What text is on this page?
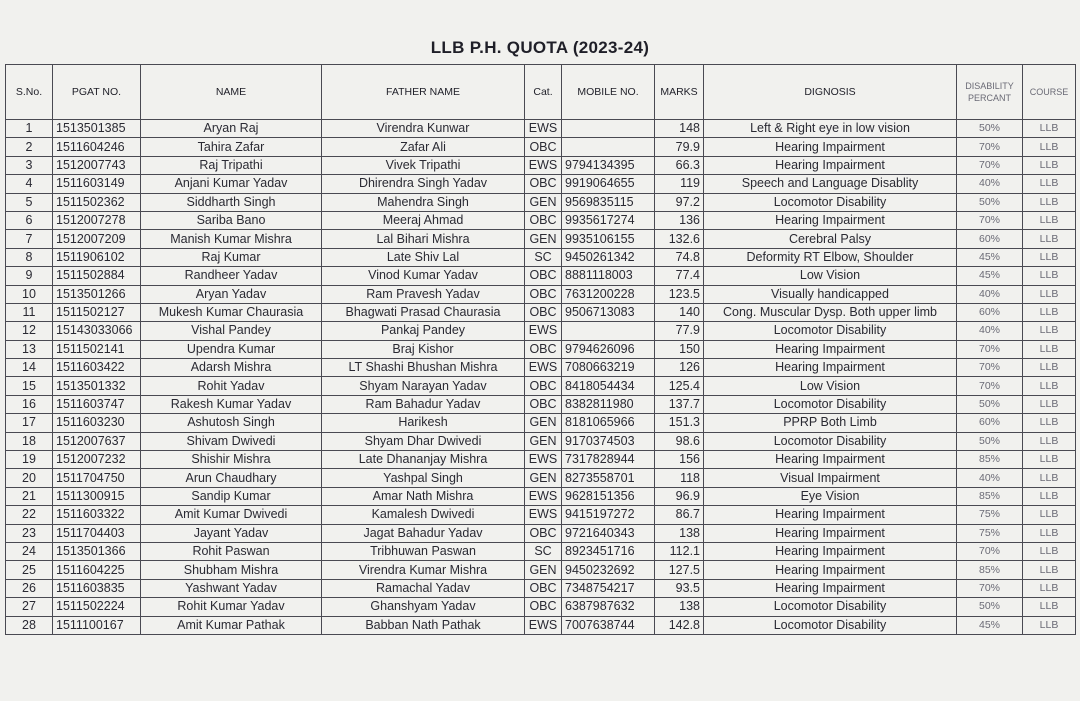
LLB P.H. QUOTA (2023-24)
S.No.	PGAT NO.	NAME	FATHER NAME	Cat.	MOBILE NO.	MARKS	DIGNOSIS	DISABILITY PERCANT	COURSE
1	1513501385	Aryan Raj	Virendra Kunwar	EWS		148	Left & Right eye in low vision	50%	LLB
2	1511604246	Tahira Zafar	Zafar Ali	OBC		79.9	Hearing Impairment	70%	LLB
3	1512007743	Raj Tripathi	Vivek Tripathi	EWS	9794134395	66.3	Hearing Impairment	70%	LLB
4	1511603149	Anjani Kumar Yadav	Dhirendra Singh Yadav	OBC	9919064655	119	Speech and Language Disablity	40%	LLB
5	1511502362	Siddharth Singh	Mahendra Singh	GEN	9569835115	97.2	Locomotor Disability	50%	LLB
6	1512007278	Sariba Bano	Meeraj Ahmad	OBC	9935617274	136	Hearing Impairment	70%	LLB
7	1512007209	Manish Kumar Mishra	Lal Bihari Mishra	GEN	9935106155	132.6	Cerebral Palsy	60%	LLB
8	1511906102	Raj Kumar	Late Shiv Lal	SC	9450261342	74.8	Deformity RT Elbow, Shoulder	45%	LLB
9	1511502884	Randheer Yadav	Vinod Kumar Yadav	OBC	8881118003	77.4	Low Vision	45%	LLB
10	1513501266	Aryan Yadav	Ram Pravesh Yadav	OBC	7631200228	123.5	Visually handicapped	40%	LLB
11	1511502127	Mukesh Kumar Chaurasia	Bhagwati Prasad Chaurasia	OBC	9506713083	140	Cong. Muscular Dysp. Both upper limb	60%	LLB
12	15143033066	Vishal Pandey	Pankaj Pandey	EWS		77.9	Locomotor Disability	40%	LLB
13	1511502141	Upendra Kumar	Braj Kishor	OBC	9794626096	150	Hearing Impairment	70%	LLB
14	1511603422	Adarsh Mishra	LT Shashi Bhushan Mishra	EWS	7080663219	126	Hearing Impairment	70%	LLB
15	1513501332	Rohit Yadav	Shyam Narayan Yadav	OBC	8418054434	125.4	Low Vision	70%	LLB
16	1511603747	Rakesh Kumar Yadav	Ram Bahadur Yadav	OBC	8382811980	137.7	Locomotor Disability	50%	LLB
17	1511603230	Ashutosh Singh	Harikesh	GEN	8181065966	151.3	PPRP Both Limb	60%	LLB
18	1512007637	Shivam Dwivedi	Shyam Dhar Dwivedi	GEN	9170374503	98.6	Locomotor Disability	50%	LLB
19	1512007232	Shishir Mishra	Late Dhananjay Mishra	EWS	7317828944	156	Hearing Impairment	85%	LLB
20	1511704750	Arun Chaudhary	Yashpal Singh	GEN	8273558701	118	Visual Impairment	40%	LLB
21	1511300915	Sandip Kumar	Amar Nath Mishra	EWS	9628151356	96.9	Eye Vision	85%	LLB
22	1511603322	Amit Kumar Dwivedi	Kamalesh Dwivedi	EWS	9415197272	86.7	Hearing Impairment	75%	LLB
23	1511704403	Jayant Yadav	Jagat Bahadur Yadav	OBC	9721640343	138	Hearing Impairment	75%	LLB
24	1513501366	Rohit Paswan	Tribhuwan Paswan	SC	8923451716	112.1	Hearing Impairment	70%	LLB
25	1511604225	Shubham Mishra	Virendra Kumar Mishra	GEN	9450232692	127.5	Hearing Impairment	85%	LLB
26	1511603835	Yashwant Yadav	Ramachal Yadav	OBC	7348754217	93.5	Hearing Impairment	70%	LLB
27	1511502224	Rohit Kumar Yadav	Ghanshyam Yadav	OBC	6387987632	138	Locomotor Disability	50%	LLB
28	1511100167	Amit Kumar Pathak	Babban Nath Pathak	EWS	7007638744	142.8	Locomotor Disability	45%	LLB
